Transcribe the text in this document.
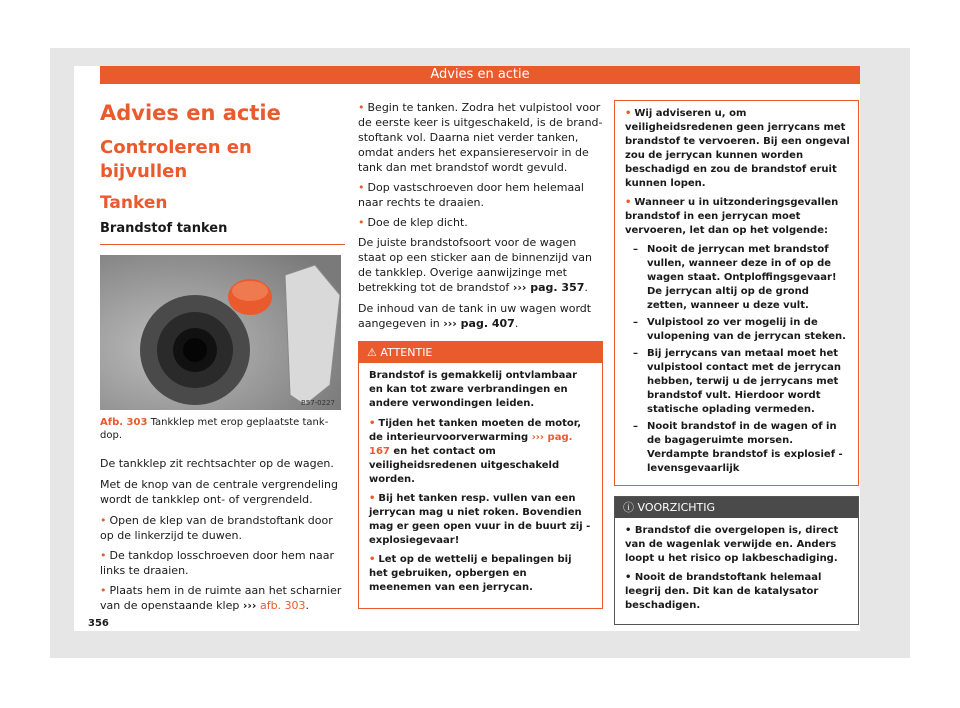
Advies en actie
Advies en actie
Controleren en bijvullen
Tanken
Brandstof tanken
B57-0227
Afb. 303 Tankklep met erop geplaatste tankdop.

De tankklep zit rechtsachter op de wagen.

Met de knop van de centrale vergrendeling wordt de tankklep ont- of vergrendeld.

• Open de klep van de brandstoftank door op de linkerzijd te duwen.
• De tankdop losschroeven door hem naar links te draaien.
• Plaats hem in de ruimte aan het scharnier van de openstaande klep ››› afb. 303.
• Begin te tanken. Zodra het vulpistool voor de eerste keer is uitgeschakeld, is de brandstoftank vol. Daarna niet verder tanken, omdat anders het expansiereservoir in de tank dan met brandstof wordt gevuld.
• Dop vastschroeven door hem helemaal naar rechts te draaien.
• Doe de klep dicht.

De juiste brandstofsoort voor de wagen staat op een sticker aan de binnenzijd van de tankklep. Overige aanwijzinge met betrekking tot de brandstof ››› pag. 357.

De inhoud van de tank in uw wagen wordt aangegeven in ››› pag. 407.

⚠ ATTENTIE

Brandstof is gemakkelij ontvlambaar en kan tot zware verbrandingen en andere verwondingen leiden.

• Tijden het tanken moeten de motor, de interieurvoorverwarming ››› pag. 167 en het contact om veiligheidsredenen uitgeschakeld worden.
• Bij het tanken resp. vullen van een jerrycan mag u niet roken. Bovendien mag er geen open vuur in de buurt zij - explosiegevaar!
• Let op de wettelij e bepalingen bij het gebruiken, opbergen en meenemen van een jerrycan.
• Wij adviseren u, om veiligheidsredenen geen jerrycans met brandstof te vervoeren. Bij een ongeval zou de jerrycan kunnen worden beschadigd en zou de brandstof eruit kunnen lopen.
• Wanneer u in uitzonderingsgevallen brandstof in een jerrycan moet vervoeren, let dan op het volgende:
– Nooit de jerrycan met brandstof vullen, wanneer deze in of op de wagen staat. Ontploffingsgevaar! De jerrycan altij op de grond zetten, wanneer u deze vult.
– Vulpistool zo ver mogelij in de vulopening van de jerrycan steken.
– Bij jerrycans van metaal moet het vulpistool contact met de jerrycan hebben, terwij u de jerrycans met brandstof vult. Hierdoor wordt statische oplading vermeden.
– Nooit brandstof in de wagen of in de bagageruimte morsen. Verdampte brandstof is explosief - levensgevaarlijk
ⓘ VOORZICHTIG
• Brandstof die overgelopen is, direct van de wagenlak verwijde en. Anders loopt u het risico op lakbeschadiging.
• Nooit de brandstoftank helemaal leegrij den. Dit kan de katalysator beschadigen.
356
